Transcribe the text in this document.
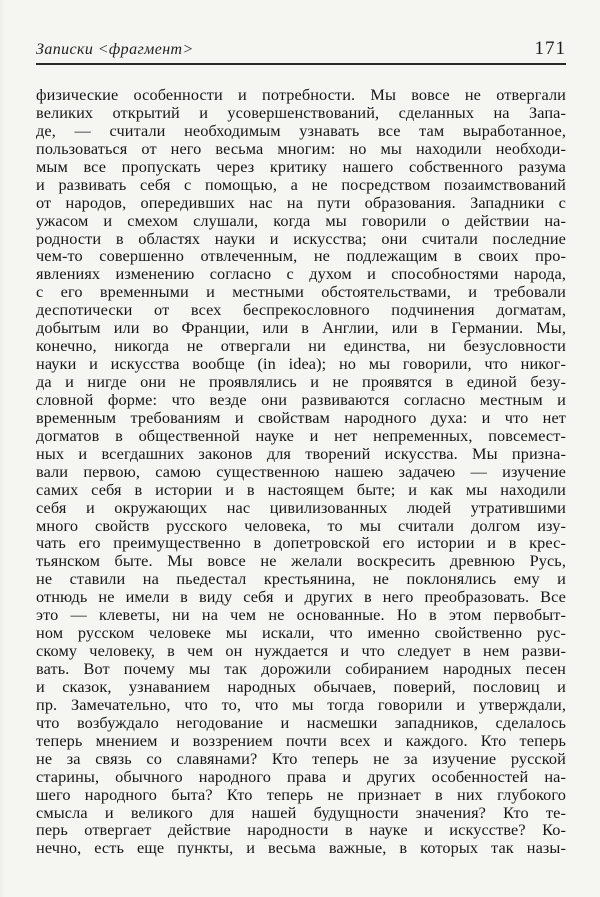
Записки <фрагмент>	171
физические особенности и потребности. Мы вовсе не отвергали
великих открытий и усовершенствований, сделанных на Запа-
де, — считали необходимым узнавать все там выработанное,
пользоваться от него весьма многим: но мы находили необходи-
мым все пропускать через критику нашего собственного разума
и развивать себя с помощью, а не посредством позаимствований
от народов, опередивших нас на пути образования. Западники с
ужасом и смехом слушали, когда мы говорили о действии на-
родности в областях науки и искусства; они считали последние
чем-то совершенно отвлеченным, не подлежащим в своих про-
явлениях изменению согласно с духом и способностями народа,
с его временными и местными обстоятельствами, и требовали
деспотически от всех беспрекословного подчинения догматам,
добытым или во Франции, или в Англии, или в Германии. Мы,
конечно, никогда не отвергали ни единства, ни безусловности
науки и искусства вообще (in idea); но мы говорили, что никог-
да и нигде они не проявлялись и не проявятся в единой безу-
словной форме: что везде они развиваются согласно местным и
временным требованиям и свойствам народного духа: и что нет
догматов в общественной науке и нет непременных, повсемест-
ных и всегдашних законов для творений искусства. Мы призна-
вали первою, самою существенною нашею задачею — изучение
самих себя в истории и в настоящем быте; и как мы находили
себя и окружающих нас цивилизованных людей утратившими
много свойств русского человека, то мы считали долгом изу-
чать его преимущественно в допетровской его истории и в крес-
тьянском быте. Мы вовсе не желали воскресить древнюю Русь,
не ставили на пьедестал крестьянина, не поклонялись ему и
отнюдь не имели в виду себя и других в него преобразовать. Все
это — клеветы, ни на чем не основанные. Но в этом первобыт-
ном русском человеке мы искали, что именно свойственно рус-
скому человеку, в чем он нуждается и что следует в нем разви-
вать. Вот почему мы так дорожили собиранием народных песен
и сказок, узнаванием народных обычаев, поверий, пословиц и
пр. Замечательно, что то, что мы тогда говорили и утверждали,
что возбуждало негодование и насмешки западников, сделалось
теперь мнением и воззрением почти всех и каждого. Кто теперь
не за связь со славянами? Кто теперь не за изучение русской
старины, обычного народного права и других особенностей на-
шего народного быта? Кто теперь не признает в них глубокого
смысла и великого для нашей будущности значения? Кто те-
перь отвергает действие народности в науке и искусстве? Ко-
нечно, есть еще пункты, и весьма важные, в которых так назы-
